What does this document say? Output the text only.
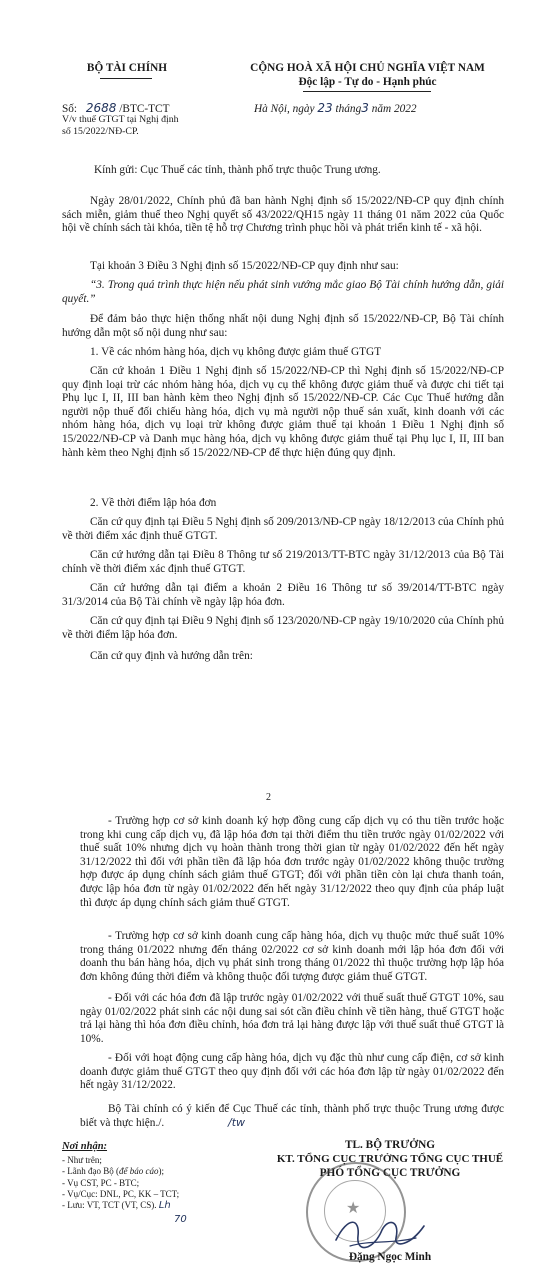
BỘ TÀI CHÍNH	CỘNG HOÀ XÃ HỘI CHỦ NGHĨA VIỆT NAM
Độc lập - Tự do - Hạnh phúc
Số: 2688 /BTC-TCT
V/v thuế GTGT tại Nghị định
số 15/2022/NĐ-CP.
Hà Nội, ngày 23 tháng3 năm 2022
Kính gửi: Cục Thuế các tỉnh, thành phố trực thuộc Trung ương.
Ngày 28/01/2022, Chính phủ đã ban hành Nghị định số 15/2022/NĐ-CP quy định chính sách miễn, giảm thuế theo Nghị quyết số 43/2022/QH15 ngày 11 tháng 01 năm 2022 của Quốc hội về chính sách tài khóa, tiền tệ hỗ trợ Chương trình phục hồi và phát triển kinh tế - xã hội.
Tại khoản 3 Điều 3 Nghị định số 15/2022/NĐ-CP quy định như sau:
“3. Trong quá trình thực hiện nếu phát sinh vướng mắc giao Bộ Tài chính hướng dẫn, giải quyết.”
Để đảm bảo thực hiện thống nhất nội dung Nghị định số 15/2022/NĐ-CP, Bộ Tài chính hướng dẫn một số nội dung như sau:
1. Về các nhóm hàng hóa, dịch vụ không được giảm thuế GTGT
Căn cứ khoản 1 Điều 1 Nghị định số 15/2022/NĐ-CP thì Nghị định số 15/2022/NĐ-CP quy định loại trừ các nhóm hàng hóa, dịch vụ cụ thể không được giảm thuế và được chi tiết tại Phụ lục I, II, III ban hành kèm theo Nghị định số 15/2022/NĐ-CP. Các Cục Thuế hướng dẫn người nộp thuế đối chiếu hàng hóa, dịch vụ mà người nộp thuế sản xuất, kinh doanh với các nhóm hàng hóa, dịch vụ loại trừ không được giảm thuế tại khoản 1 Điều 1 Nghị định số 15/2022/NĐ-CP và Danh mục hàng hóa, dịch vụ không được giảm thuế tại Phụ lục I, II, III ban hành kèm theo Nghị định số 15/2022/NĐ-CP để thực hiện đúng quy định.
2. Về thời điểm lập hóa đơn
Căn cứ quy định tại Điều 5 Nghị định số 209/2013/NĐ-CP ngày 18/12/2013 của Chính phủ về thời điểm xác định thuế GTGT.
Căn cứ hướng dẫn tại Điều 8 Thông tư số 219/2013/TT-BTC ngày 31/12/2013 của Bộ Tài chính về thời điểm xác định thuế GTGT.
Căn cứ hướng dẫn tại điểm a khoản 2 Điều 16 Thông tư số 39/2014/TT-BTC ngày 31/3/2014 của Bộ Tài chính về ngày lập hóa đơn.
Căn cứ quy định tại Điều 9 Nghị định số 123/2020/NĐ-CP ngày 19/10/2020 của Chính phủ về thời điểm lập hóa đơn.
Căn cứ quy định và hướng dẫn trên:
2
- Trường hợp cơ sở kinh doanh ký hợp đồng cung cấp dịch vụ có thu tiền trước hoặc trong khi cung cấp dịch vụ, đã lập hóa đơn tại thời điểm thu tiền trước ngày 01/02/2022 với thuế suất 10% nhưng dịch vụ hoàn thành trong thời gian từ ngày 01/02/2022 đến hết ngày 31/12/2022 thì đối với phần tiền đã lập hóa đơn trước ngày 01/02/2022 không thuộc trường hợp được áp dụng chính sách giảm thuế GTGT; đối với phần tiền còn lại chưa thanh toán, được lập hóa đơn từ ngày 01/02/2022 đến hết ngày 31/12/2022 theo quy định của pháp luật thì được áp dụng chính sách giảm thuế GTGT.
- Trường hợp cơ sở kinh doanh cung cấp hàng hóa, dịch vụ thuộc mức thuế suất 10% trong tháng 01/2022 nhưng đến tháng 02/2022 cơ sở kinh doanh mới lập hóa đơn đối với doanh thu bán hàng hóa, dịch vụ phát sinh trong tháng 01/2022 thì thuộc trường hợp lập hóa đơn không đúng thời điểm và không thuộc đối tượng được giảm thuế GTGT.
- Đối với các hóa đơn đã lập trước ngày 01/02/2022 với thuế suất thuế GTGT 10%, sau ngày 01/02/2022 phát sinh các nội dung sai sót cần điều chỉnh về tiền hàng, thuế GTGT hoặc trả lại hàng thì hóa đơn điều chỉnh, hóa đơn trả lại hàng được lập với thuế suất thuế GTGT là 10%.
- Đối với hoạt động cung cấp hàng hóa, dịch vụ đặc thù như cung cấp điện, cơ sở kinh doanh được giảm thuế GTGT theo quy định đối với các hóa đơn lập từ ngày 01/02/2022 đến hết ngày 31/12/2022.
Bộ Tài chính có ý kiến để Cục Thuế các tỉnh, thành phố trực thuộc Trung ương được biết và thực hiện./.	/tw
Nơi nhận:
- Như trên;
- Lãnh đạo Bộ (để báo cáo);
- Vụ CST, PC - BTC;
- Vụ/Cục: DNL, PC, KK – TCT;
- Lưu: VT, TCT (VT, CS). Lh
70
TL. BỘ TRƯỞNG
KT. TỔNG CỤC TRƯỞNG TỔNG CỤC THUẾ
PHÓ TỔNG CỤC TRƯỞNG
★
Đặng Ngọc Minh
